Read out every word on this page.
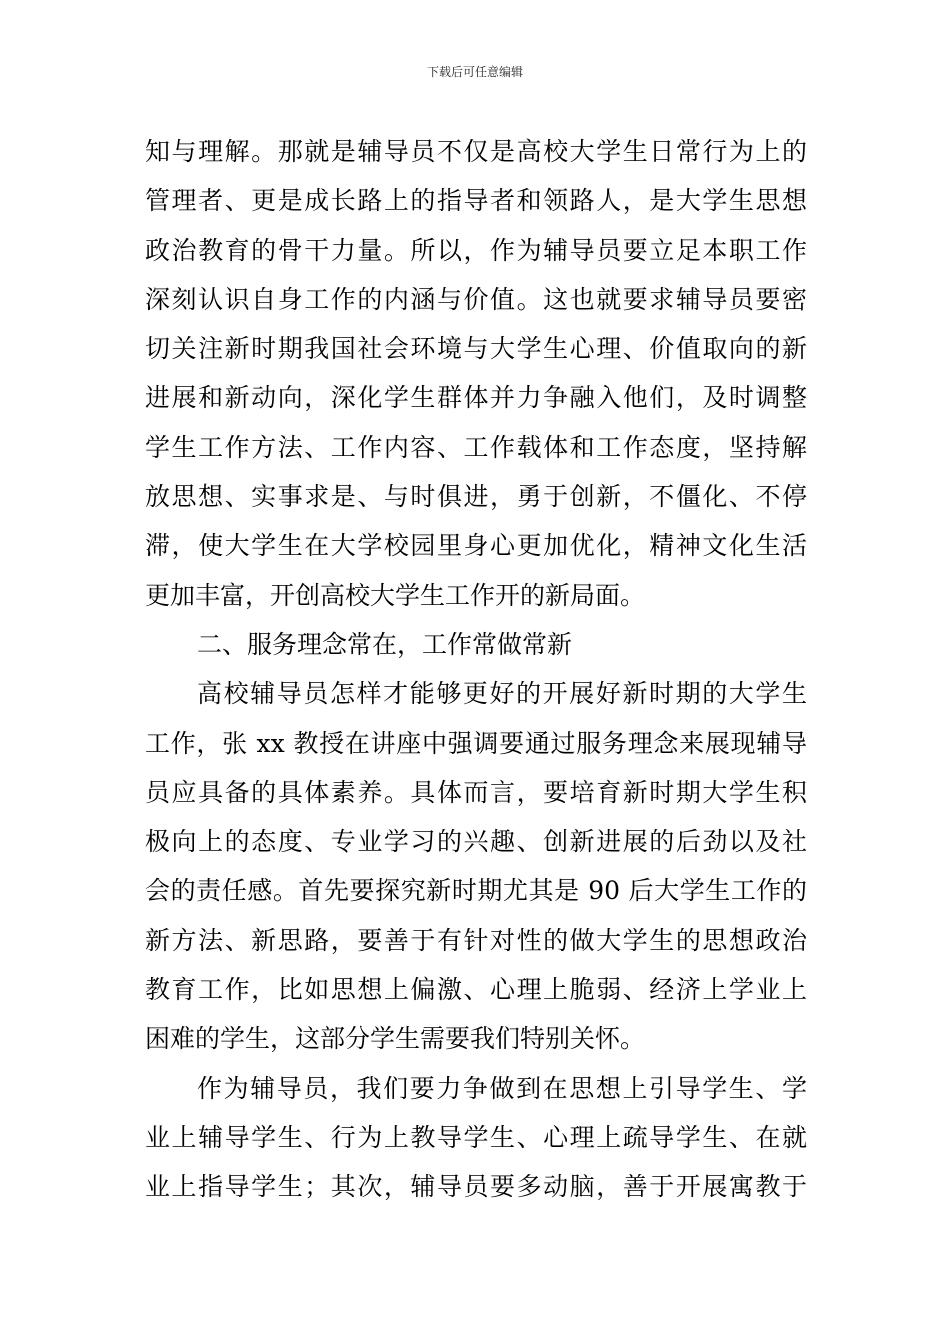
下载后可任意编辑
知与理解。那就是辅导员不仅是高校大学生日常行为上的
管理者、更是成长路上的指导者和领路人，是大学生思想
政治教育的骨干力量。所以，作为辅导员要立足本职工作
深刻认识自身工作的内涵与价值。这也就要求辅导员要密
切关注新时期我国社会环境与大学生心理、价值取向的新
进展和新动向，深化学生群体并力争融入他们，及时调整
学生工作方法、工作内容、工作载体和工作态度，坚持解
放思想、实事求是、与时俱进，勇于创新，不僵化、不停
滞，使大学生在大学校园里身心更加优化，精神文化生活
更加丰富，开创高校大学生工作开的新局面。
二、服务理念常在，工作常做常新
高校辅导员怎样才能够更好的开展好新时期的大学生
工作，张 xx 教授在讲座中强调要通过服务理念来展现辅导
员应具备的具体素养。具体而言，要培育新时期大学生积
极向上的态度、专业学习的兴趣、创新进展的后劲以及社
会的责任感。首先要探究新时期尤其是 90 后大学生工作的
新方法、新思路，要善于有针对性的做大学生的思想政治
教育工作，比如思想上偏激、心理上脆弱、经济上学业上
困难的学生，这部分学生需要我们特别关怀。
作为辅导员，我们要力争做到在思想上引导学生、学
业上辅导学生、行为上教导学生、心理上疏导学生、在就
业上指导学生；其次，辅导员要多动脑，善于开展寓教于
